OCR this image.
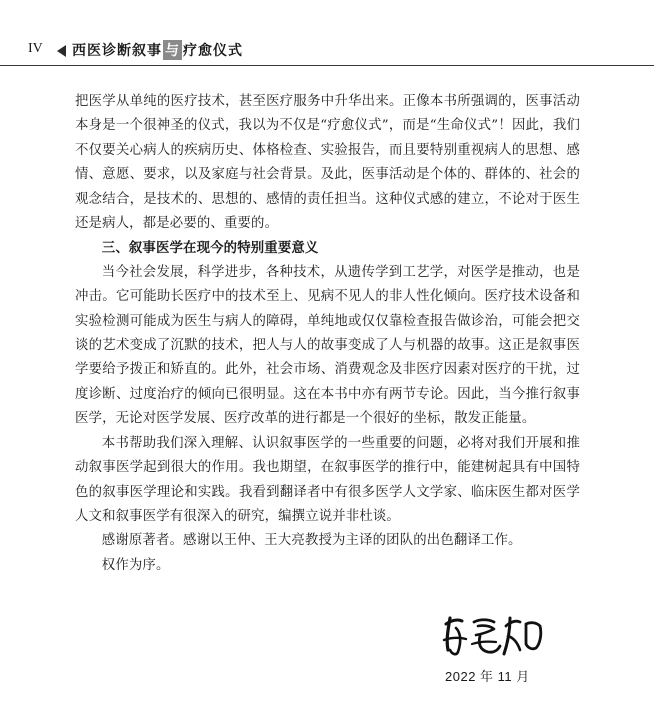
IV 西医诊断叙事 与 疗愈仪式

把医学从单纯的医疗技术，甚至医疗服务中升华出来。正像本书所强调的，医事活动本身是一个很神圣的仪式，我以为不仅是“疗愈仪式”，而是“生命仪式”！因此，我们不仅要关心病人的疾病历史、体格检查、实验报告，而且要特别重视病人的思想、感情、意愿、要求，以及家庭与社会背景。及此，医事活动是个体的、群体的、社会的观念结合，是技术的、思想的、感情的责任担当。这种仪式感的建立，不论对于医生还是病人，都是必要的、重要的。

三、叙事医学在现今的特别重要意义

当今社会发展，科学进步，各种技术，从遗传学到工艺学，对医学是推动，也是冲击。它可能助长医疗中的技术至上、见病不见人的非人性化倾向。医疗技术设备和实验检测可能成为医生与病人的障碍，单纯地或仅仅靠检查报告做诊治，可能会把交谈的艺术变成了沉默的技术，把人与人的故事变成了人与机器的故事。这正是叙事医学要给予拨正和矫直的。此外，社会市场、消费观念及非医疗因素对医疗的干扰，过度诊断、过度治疗的倾向已很明显。这在本书中亦有两节专论。因此，当今推行叙事医学，无论对医学发展、医疗改革的进行都是一个很好的坐标，散发正能量。

本书帮助我们深入理解、认识叙事医学的一些重要的问题，必将对我们开展和推动叙事医学起到很大的作用。我也期望，在叙事医学的推行中，能建树起具有中国特色的叙事医学理论和实践。我看到翻译者中有很多医学人文学家、临床医生都对医学人文和叙事医学有很深入的研究，编撰立说并非杜谈。

感谢原著者。感谢以王仲、王大亮教授为主译的团队的出色翻译工作。

权作为序。

2022 年 11 月
